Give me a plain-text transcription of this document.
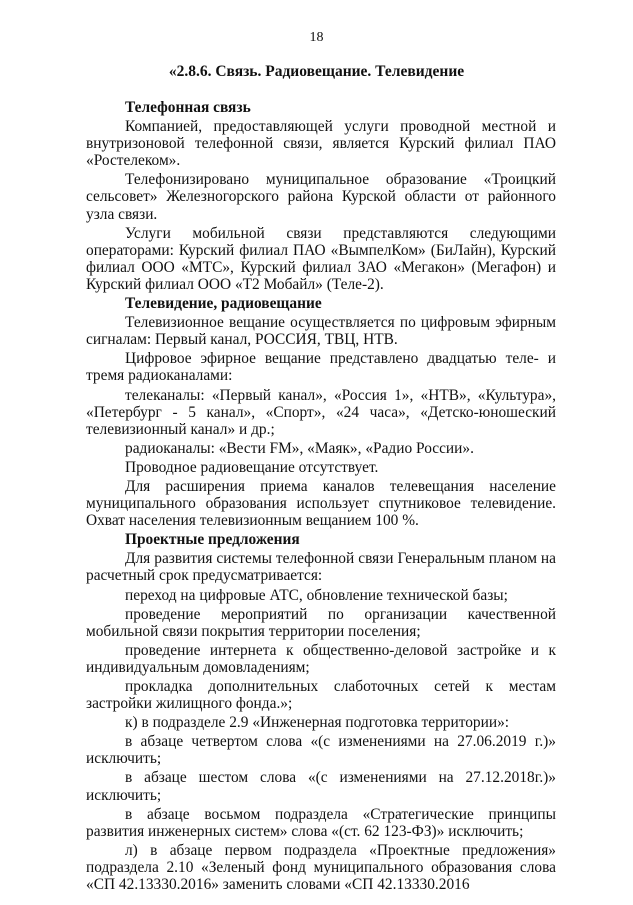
18
«2.8.6. Связь. Радиовещание. Телевидение

Телефонная связь

Компанией, предоставляющей услуги проводной местной и внутризоновой телефонной связи, является Курский филиал ПАО «Ростелеком».

Телефонизировано муниципальное образование «Троицкий сельсовет» Железногорского района Курской области от районного узла связи.

Услуги мобильной связи представляются следующими операторами: Курский филиал ПАО «ВымпелКом» (БиЛайн), Курский филиал ООО «МТС», Курский филиал ЗАО «Мегакон» (Мегафон) и Курский филиал ООО «Т2 Мобайл» (Теле-2).

Телевидение, радиовещание

Телевизионное вещание осуществляется по цифровым эфирным сигналам: Первый канал, РОССИЯ, ТВЦ, НТВ.

Цифровое эфирное вещание представлено двадцатью теле- и тремя радиоканалами:

телеканалы: «Первый канал», «Россия 1», «НТВ», «Культура», «Петербург - 5 канал», «Спорт», «24 часа», «Детско-юношеский телевизионный канал» и др.;

радиоканалы: «Вести FM», «Маяк», «Радио России».

Проводное радиовещание отсутствует.

Для расширения приема каналов телевещания население муниципального образования использует спутниковое телевидение. Охват населения телевизионным вещанием 100 %.

Проектные предложения

Для развития системы телефонной связи Генеральным планом на расчетный срок предусматривается:

переход на цифровые АТС, обновление технической базы;

проведение мероприятий по организации качественной мобильной связи покрытия территории поселения;

проведение интернета к общественно-деловой застройке и к индивидуальным домовладениям;

прокладка дополнительных слаботочных сетей к местам застройки жилищного фонда.»;

к) в подразделе 2.9 «Инженерная подготовка территории»:

в абзаце четвертом слова «(с изменениями на 27.06.2019 г.)» исключить;

в абзаце шестом слова «(с изменениями на 27.12.2018г.)» исключить;

в абзаце восьмом подраздела «Стратегические принципы развития инженерных систем» слова «(ст. 62 123-ФЗ)» исключить;

л) в абзаце первом подраздела «Проектные предложения» подраздела 2.10 «Зеленый фонд муниципального образования слова «СП 42.13330.2016» заменить словами «СП 42.13330.2016
